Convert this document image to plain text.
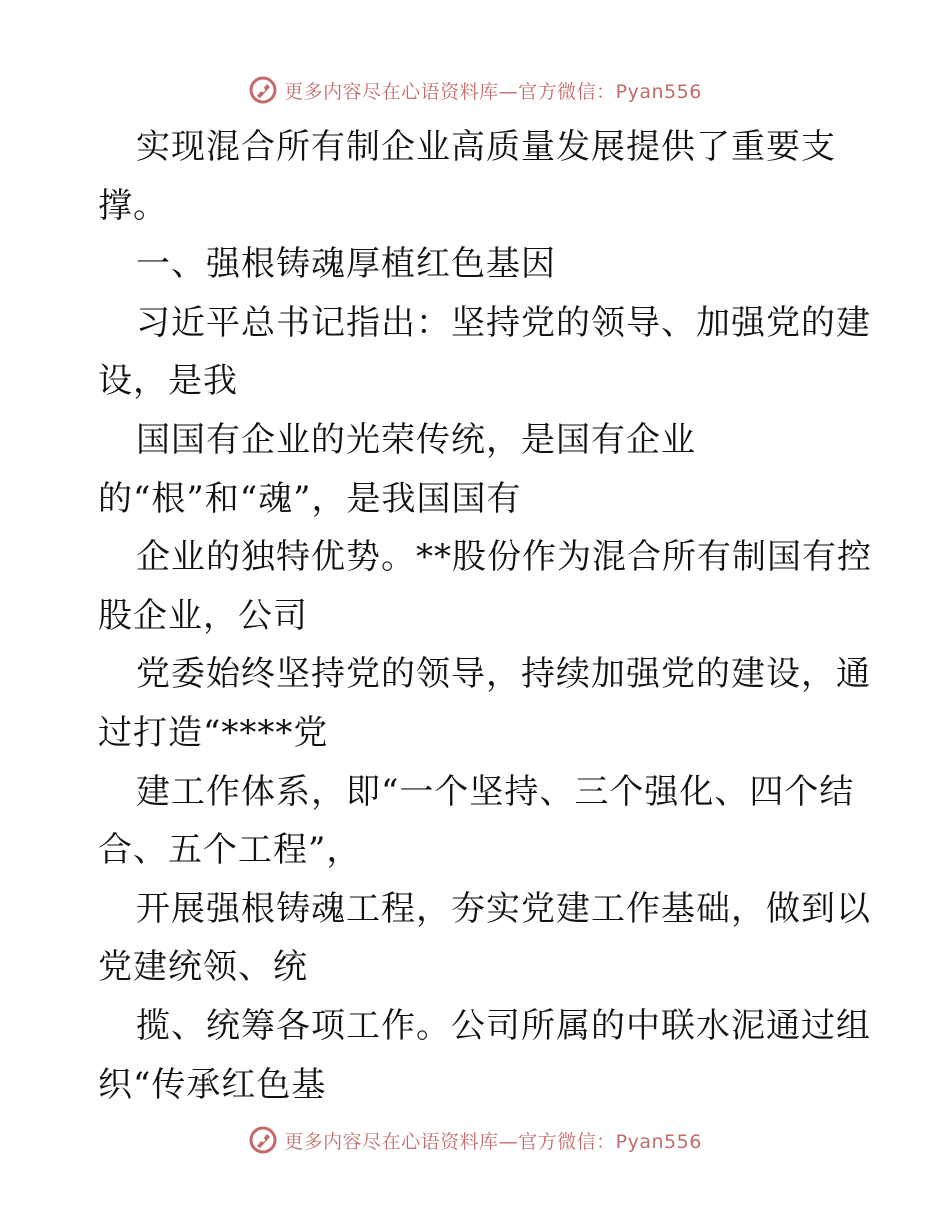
更多内容尽在心语资料库—官方微信：Pyan556
实现混合所有制企业高质量发展提供了重要支
撑。
一、强根铸魂厚植红色基因
习近平总书记指出：坚持党的领导、加强党的建
设，是我
国国有企业的光荣传统，是国有企业
的“根”和“魂”，是我国国有
企业的独特优势。**股份作为混合所有制国有控
股企业，公司
党委始终坚持党的领导，持续加强党的建设，通
过打造“****党
建工作体系，即“一个坚持、三个强化、四个结
合、五个工程”，
开展强根铸魂工程，夯实党建工作基础，做到以
党建统领、统
揽、统筹各项工作。公司所属的中联水泥通过组
织“传承红色基
更多内容尽在心语资料库—官方微信：Pyan556
